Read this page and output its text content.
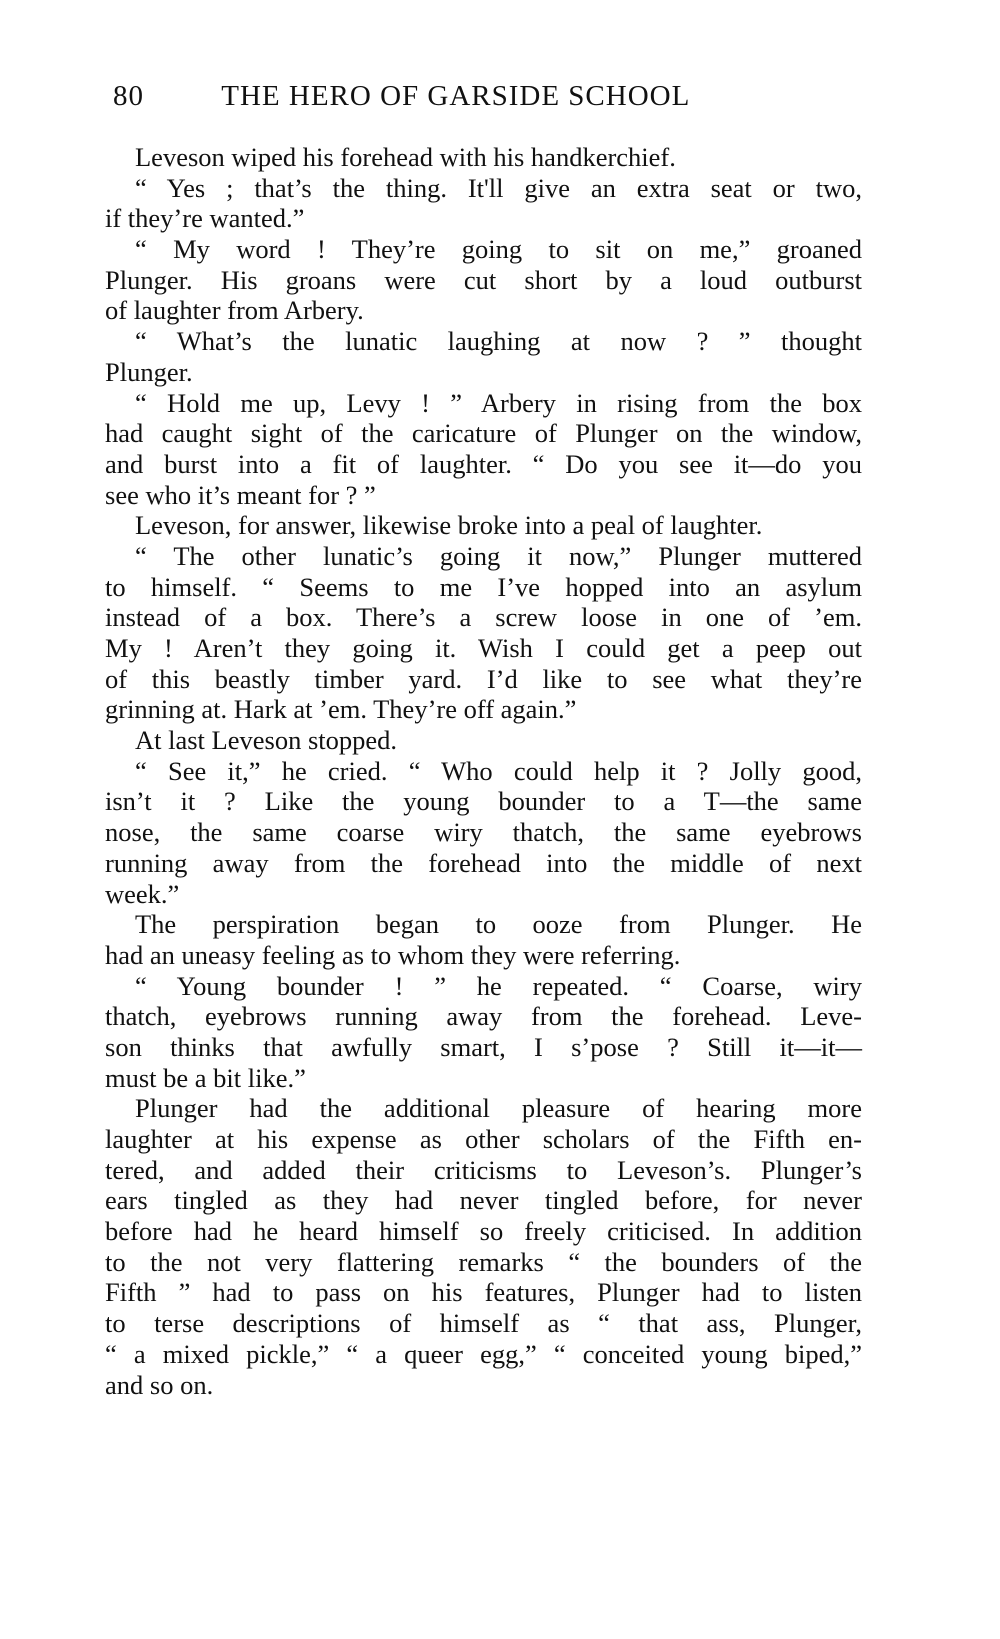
80	THE HERO OF GARSIDE SCHOOL
Leveson wiped his forehead with his handkerchief.
“ Yes ; that’s the thing. It'll give an extra seat or two,
if they’re wanted.”
“ My word ! They’re going to sit on me,” groaned
Plunger. His groans were cut short by a loud outburst
of laughter from Arbery.
“ What’s the lunatic laughing at now ? ” thought
Plunger.
“ Hold me up, Levy ! ” Arbery in rising from the box
had caught sight of the caricature of Plunger on the window,
and burst into a fit of laughter. “ Do you see it—do you
see who it’s meant for ? ”
Leveson, for answer, likewise broke into a peal of laughter.
“ The other lunatic’s going it now,” Plunger muttered
to himself. “ Seems to me I’ve hopped into an asylum
instead of a box. There’s a screw loose in one of ’em.
My ! Aren’t they going it. Wish I could get a peep out
of this beastly timber yard. I’d like to see what they’re
grinning at. Hark at ’em. They’re off again.”
At last Leveson stopped.
“ See it,” he cried. “ Who could help it ? Jolly good,
isn’t it ? Like the young bounder to a T—the same
nose, the same coarse wiry thatch, the same eyebrows
running away from the forehead into the middle of next
week.”
The perspiration began to ooze from Plunger. He
had an uneasy feeling as to whom they were referring.
“ Young bounder ! ” he repeated. “ Coarse, wiry
thatch, eyebrows running away from the forehead. Leve-
son thinks that awfully smart, I s’pose ? Still it—it—
must be a bit like.”
Plunger had the additional pleasure of hearing more
laughter at his expense as other scholars of the Fifth en-
tered, and added their criticisms to Leveson’s. Plunger’s
ears tingled as they had never tingled before, for never
before had he heard himself so freely criticised. In addition
to the not very flattering remarks “ the bounders of the
Fifth ” had to pass on his features, Plunger had to listen
to terse descriptions of himself as “ that ass, Plunger,
“ a mixed pickle,” “ a queer egg,” “ conceited young biped,”
and so on.
